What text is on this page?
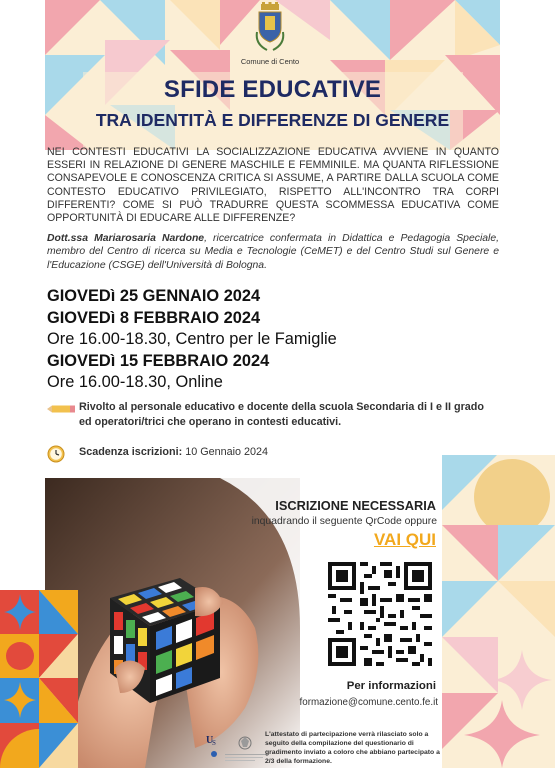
Comune di Cento
SFIDE EDUCATIVE
TRA IDENTITÀ E DIFFERENZE DI GENERE
NEI CONTESTI EDUCATIVI LA SOCIALIZZAZIONE EDUCATIVA AVVIENE IN QUANTO ESSERI IN RELAZIONE DI GENERE MASCHILE E FEMMINILE. MA QUANTA RIFLESSIONE CONSAPEVOLE E CONOSCENZA CRITICA SI ASSUME, A PARTIRE DALLA SCUOLA COME CONTESTO EDUCATIVO PRIVILEGIATO, RISPETTO ALL'INCONTRO TRA CORPI DIFFERENTI? COME SI PUÒ TRADURRE QUESTA SCOMMESSA EDUCATIVA COME OPPORTUNITÀ DI EDUCARE ALLE DIFFERENZE?
Dott.ssa Mariarosaria Nardone, ricercatrice confermata in Didattica e Pedagogia Speciale, membro del Centro di ricerca su Media e Tecnologie (CeMET) e del Centro Studi sul Genere e l'Educazione (CSGE) dell'Università di Bologna.
GIOVEDì 25 GENNAIO 2024
GIOVEDì 8 FEBBRAIO 2024
Ore 16.00-18.30, Centro per le Famiglie
GIOVEDì 15 FEBBRAIO 2024
Ore 16.00-18.30, Online
Rivolto al personale educativo e docente della scuola Secondaria di I e II grado ed operatori/trici che operano in contesti educativi.
Scadenza iscrizioni: 10 Gennaio 2024
ISCRIZIONE NECESSARIA
inquadrando il seguente QrCode oppure
VAI QUI
Per informazioni
formazione@comune.cento.fe.it
U
S
L'attestato di partecipazione verrà rilasciato solo a seguito della compilazione del questionario di gradimento inviato a coloro che abbiano partecipato a 2/3 della formazione.
